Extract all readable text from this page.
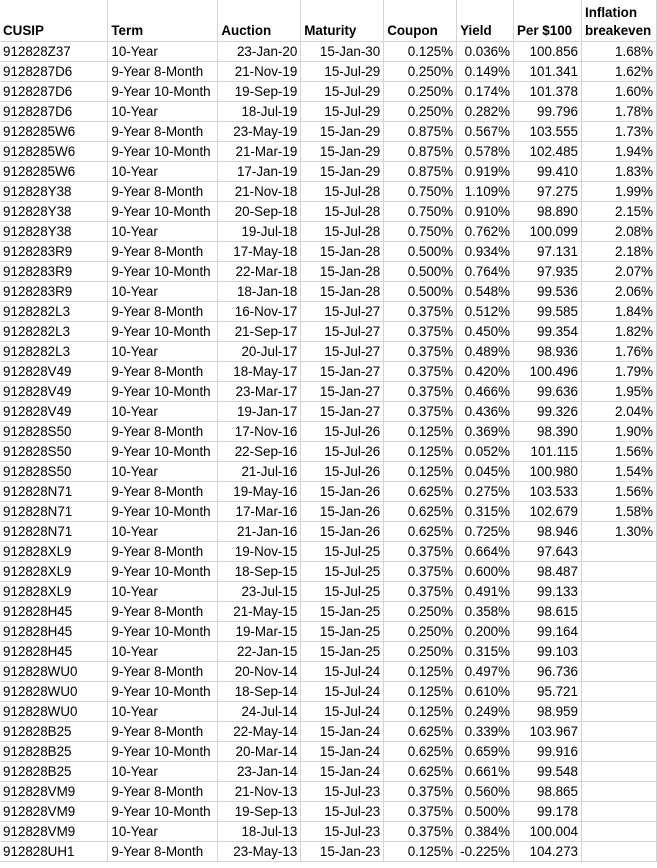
CUSIP	Term	Auction	Maturity	Coupon	Yield	Per $100	Inflation
breakeven
912828Z37	10-Year	23-Jan-20	15-Jan-30	0.125%	0.036%	100.856	1.68%
9128287D6	9-Year 8-Month	21-Nov-19	15-Jul-29	0.250%	0.149%	101.341	1.62%
9128287D6	9-Year 10-Month	19-Sep-19	15-Jul-29	0.250%	0.174%	101.378	1.60%
9128287D6	10-Year	18-Jul-19	15-Jul-29	0.250%	0.282%	99.796	1.78%
9128285W6	9-Year 8-Month	23-May-19	15-Jan-29	0.875%	0.567%	103.555	1.73%
9128285W6	9-Year 10-Month	21-Mar-19	15-Jan-29	0.875%	0.578%	102.485	1.94%
9128285W6	10-Year	17-Jan-19	15-Jan-29	0.875%	0.919%	99.410	1.83%
912828Y38	9-Year 8-Month	21-Nov-18	15-Jul-28	0.750%	1.109%	97.275	1.99%
912828Y38	9-Year 10-Month	20-Sep-18	15-Jul-28	0.750%	0.910%	98.890	2.15%
912828Y38	10-Year	19-Jul-18	15-Jul-28	0.750%	0.762%	100.099	2.08%
9128283R9	9-Year 8-Month	17-May-18	15-Jan-28	0.500%	0.934%	97.131	2.18%
9128283R9	9-Year 10-Month	22-Mar-18	15-Jan-28	0.500%	0.764%	97.935	2.07%
9128283R9	10-Year	18-Jan-18	15-Jan-28	0.500%	0.548%	99.536	2.06%
9128282L3	9-Year 8-Month	16-Nov-17	15-Jul-27	0.375%	0.512%	99.585	1.84%
9128282L3	9-Year 10-Month	21-Sep-17	15-Jul-27	0.375%	0.450%	99.354	1.82%
9128282L3	10-Year	20-Jul-17	15-Jul-27	0.375%	0.489%	98.936	1.76%
912828V49	9-Year 8-Month	18-May-17	15-Jan-27	0.375%	0.420%	100.496	1.79%
912828V49	9-Year 10-Month	23-Mar-17	15-Jan-27	0.375%	0.466%	99.636	1.95%
912828V49	10-Year	19-Jan-17	15-Jan-27	0.375%	0.436%	99.326	2.04%
912828S50	9-Year 8-Month	17-Nov-16	15-Jul-26	0.125%	0.369%	98.390	1.90%
912828S50	9-Year 10-Month	22-Sep-16	15-Jul-26	0.125%	0.052%	101.115	1.56%
912828S50	10-Year	21-Jul-16	15-Jul-26	0.125%	0.045%	100.980	1.54%
912828N71	9-Year 8-Month	19-May-16	15-Jan-26	0.625%	0.275%	103.533	1.56%
912828N71	9-Year 10-Month	17-Mar-16	15-Jan-26	0.625%	0.315%	102.679	1.58%
912828N71	10-Year	21-Jan-16	15-Jan-26	0.625%	0.725%	98.946	1.30%
912828XL9	9-Year 8-Month	19-Nov-15	15-Jul-25	0.375%	0.664%	97.643	
912828XL9	9-Year 10-Month	18-Sep-15	15-Jul-25	0.375%	0.600%	98.487	
912828XL9	10-Year	23-Jul-15	15-Jul-25	0.375%	0.491%	99.133	
912828H45	9-Year 8-Month	21-May-15	15-Jan-25	0.250%	0.358%	98.615	
912828H45	9-Year 10-Month	19-Mar-15	15-Jan-25	0.250%	0.200%	99.164	
912828H45	10-Year	22-Jan-15	15-Jan-25	0.250%	0.315%	99.103	
912828WU0	9-Year 8-Month	20-Nov-14	15-Jul-24	0.125%	0.497%	96.736	
912828WU0	9-Year 10-Month	18-Sep-14	15-Jul-24	0.125%	0.610%	95.721	
912828WU0	10-Year	24-Jul-14	15-Jul-24	0.125%	0.249%	98.959	
912828B25	9-Year 8-Month	22-May-14	15-Jan-24	0.625%	0.339%	103.967	
912828B25	9-Year 10-Month	20-Mar-14	15-Jan-24	0.625%	0.659%	99.916	
912828B25	10-Year	23-Jan-14	15-Jan-24	0.625%	0.661%	99.548	
912828VM9	9-Year 8-Month	21-Nov-13	15-Jul-23	0.375%	0.560%	98.865	
912828VM9	9-Year 10-Month	19-Sep-13	15-Jul-23	0.375%	0.500%	99.178	
912828VM9	10-Year	18-Jul-13	15-Jul-23	0.375%	0.384%	100.004	
912828UH1	9-Year 8-Month	23-May-13	15-Jan-23	0.125%	-0.225%	104.273	
